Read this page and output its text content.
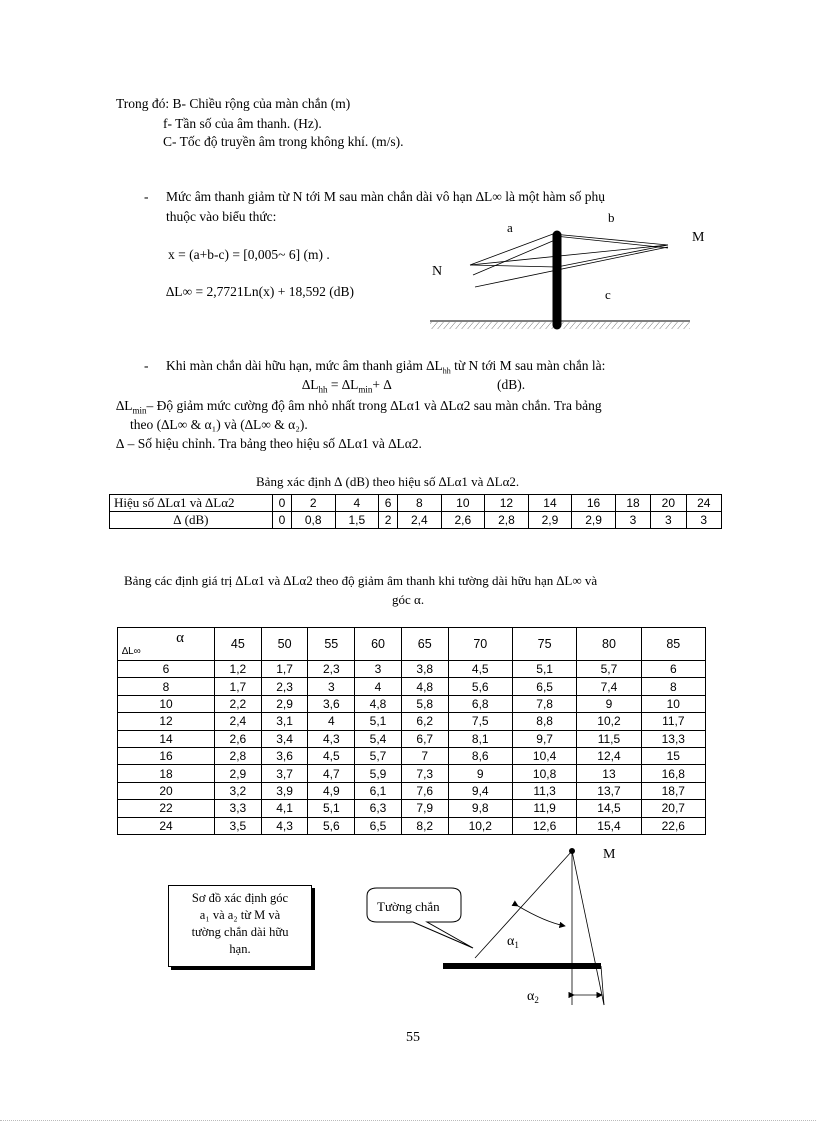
Trong đó: B- Chiều rộng của màn chắn (m)
f- Tần số của âm thanh. (Hz).
C- Tốc độ truyền âm trong không khí. (m/s).
- Mức âm thanh giảm từ N tới M sau màn chắn dài vô hạn ∆L∞ là một hàm số phụ
thuộc vào biểu thức:
x = (a+b-c) = [0,005~ 6] (m) .
∆L∞ = 2,7721Ln(x) + 18,592 (dB)
a
b
c
N
M
- Khi màn chắn dài hữu hạn, mức âm thanh giảm $\Delta L_{hh}$ từ N tới M sau màn chắn là:
$\Delta L_{hh} = \Delta L_{min}+$ ∆	(dB).
$\Delta L_{min}-$ Độ giảm mức cường độ âm nhỏ nhất trong ∆Lα1 và ∆Lα2 sau màn chắn. Tra bảng
theo (∆L∞ & α₁) và (∆L∞ & α₂).
∆ – Số hiệu chỉnh. Tra bảng theo hiệu số ∆Lα1 và ∆Lα2.
Bảng xác định ∆ (dB) theo hiệu số ∆Lα1 và ∆Lα2.
Hiệu số ∆Lα1 và ∆Lα2	0	2	4	6	8	10	12	14	16	18	20	24
∆ (dB)	0	0,8	1,5	2	2,4	2,6	2,8	2,9	2,9	3	3	3
Bảng các định giá trị ∆Lα1 và ∆Lα2 theo độ giảm âm thanh khi tường dài hữu hạn ∆L∞ và
góc α.
α
∆L∞	45	50	55	60	65	70	75	80	85
6	1,2	1,7	2,3	3	3,8	4,5	5,1	5,7	6
8	1,7	2,3	3	4	4,8	5,6	6,5	7,4	8
10	2,2	2,9	3,6	4,8	5,8	6,8	7,8	9	10
12	2,4	3,1	4	5,1	6,2	7,5	8,8	10,2	11,7
14	2,6	3,4	4,3	5,4	6,7	8,1	9,7	11,5	13,3
16	2,8	3,6	4,5	5,7	7	8,6	10,4	12,4	15
18	2,9	3,7	4,7	5,9	7,3	9	10,8	13	16,8
20	3,2	3,9	4,9	6,1	7,6	9,4	11,3	13,7	18,7
22	3,3	4,1	5,1	6,3	7,9	9,8	11,9	14,5	20,7
24	3,5	4,3	5,6	6,5	8,2	10,2	12,6	15,4	22,6
Sơ đồ xác định góc
a₁ và a₂ từ M và
tường chắn dài hữu
hạn.
Tường chắn
M
$\alpha_1$
$\alpha_2$
55
